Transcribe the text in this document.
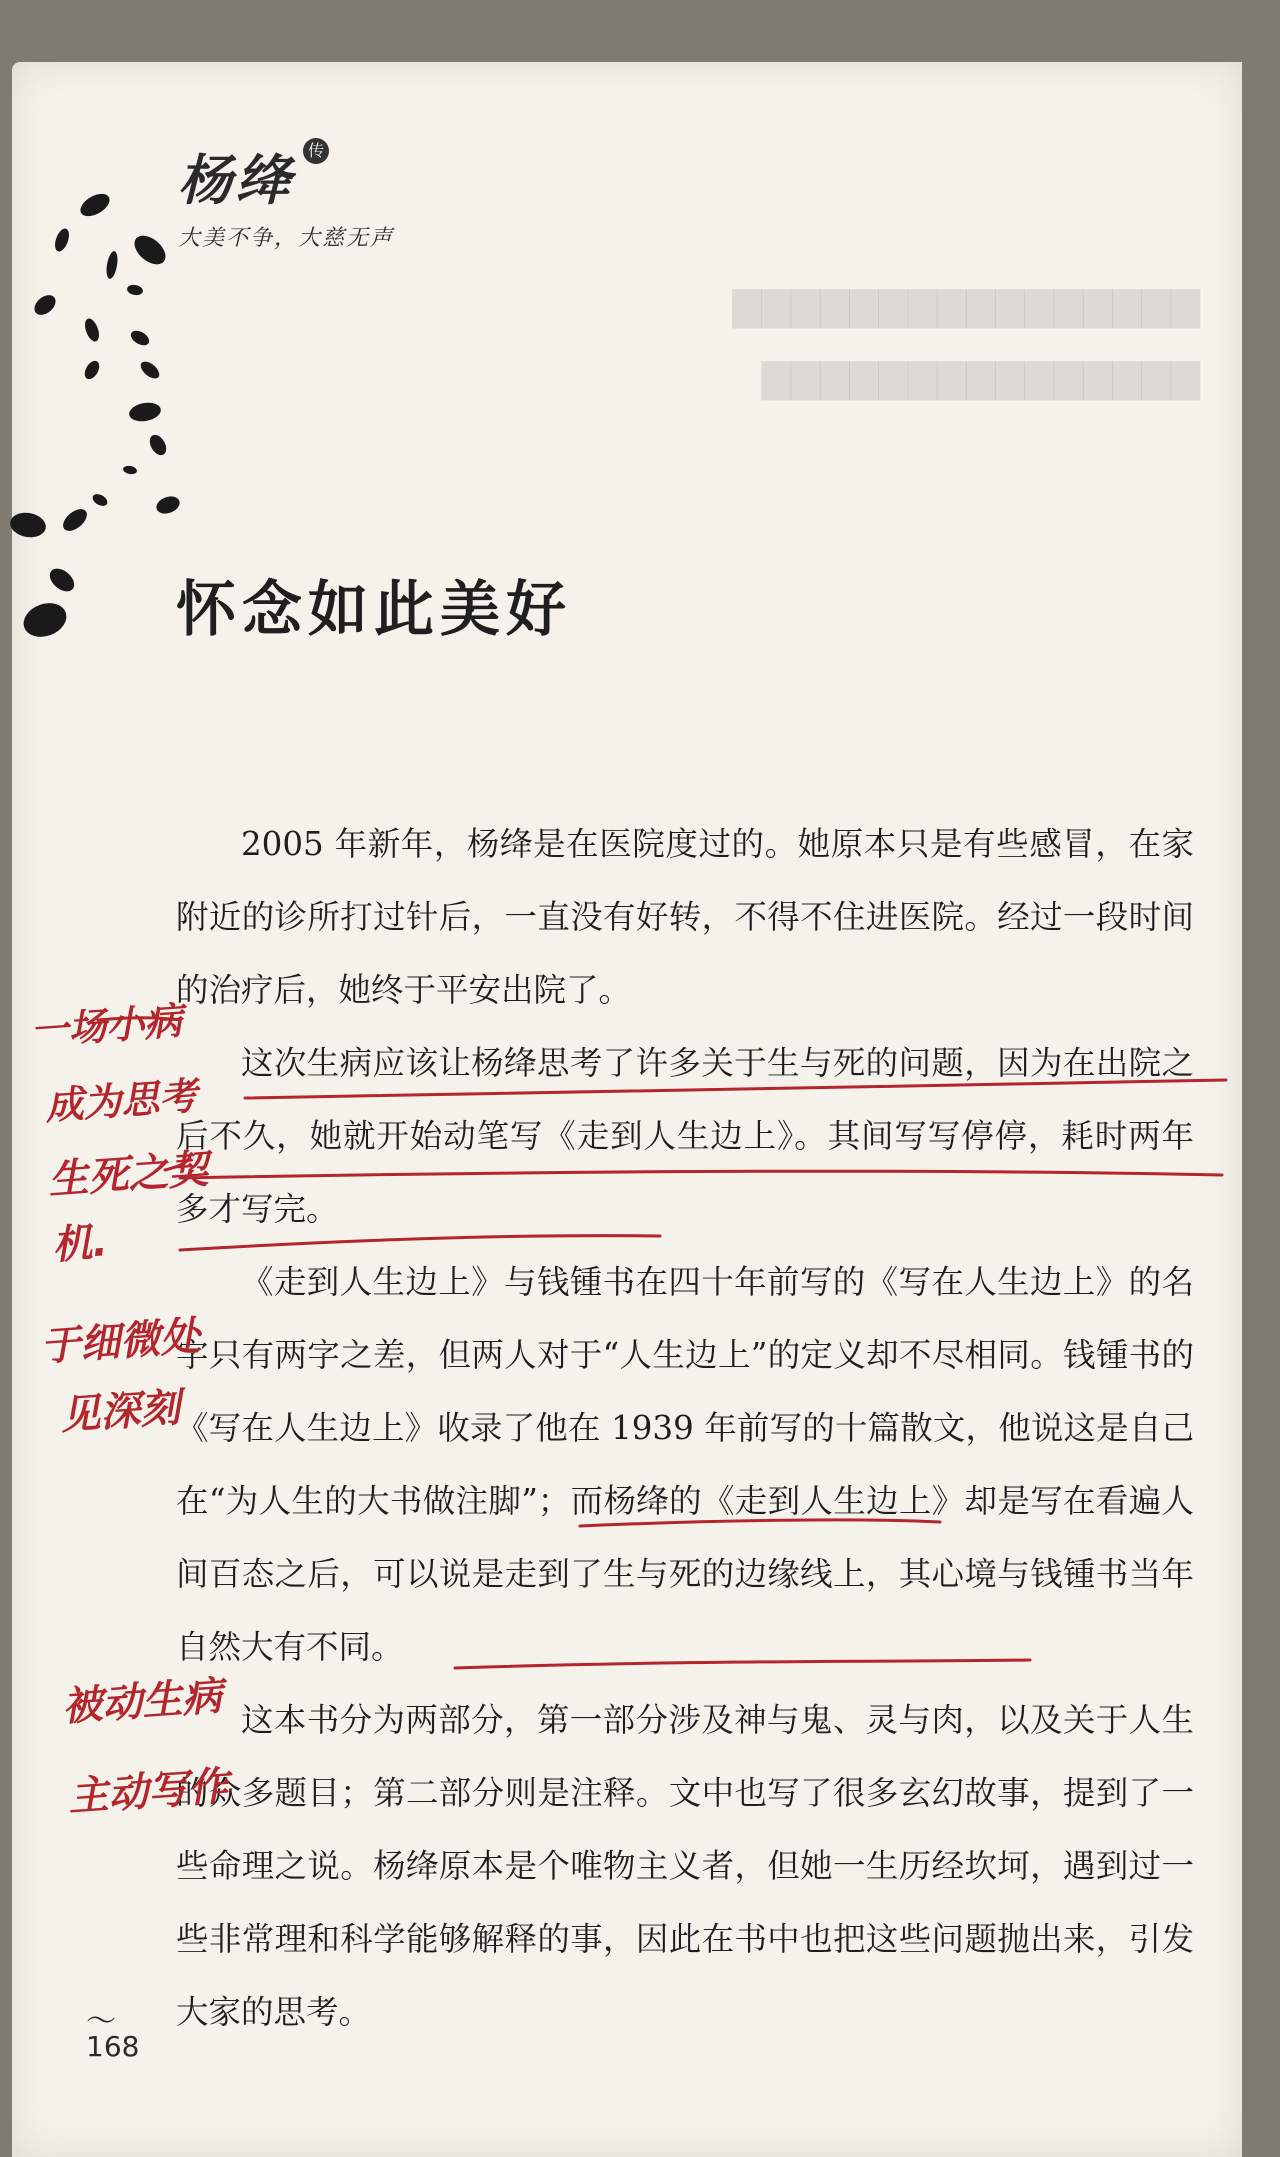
▇▇▇▇▇▇▇▇▇▇▇▇▇▇▇▇
▇▇▇▇▇▇▇▇▇▇▇▇▇▇▇
杨绛 传
大美不争，大慈无声
怀念如此美好

2005 年新年，杨绛是在医院度过的。她原本只是有些感冒，在家附近的诊所打过针后，一直没有好转，不得不住进医院。经过一段时间的治疗后，她终于平安出院了。

这次生病应该让杨绛思考了许多关于生与死的问题，因为在出院之后不久，她就开始动笔写《走到人生边上》。其间写写停停，耗时两年多才写完。

《走到人生边上》与钱锺书在四十年前写的《写在人生边上》的名字只有两字之差，但两人对于“人生边上”的定义却不尽相同。钱锺书的《写在人生边上》收录了他在 1939 年前写的十篇散文，他说这是自己在“为人生的大书做注脚”；而杨绛的《走到人生边上》却是写在看遍人间百态之后，可以说是走到了生与死的边缘线上，其心境与钱锺书当年自然大有不同。

这本书分为两部分，第一部分涉及神与鬼、灵与肉，以及关于人生的众多题目；第二部分则是注释。文中也写了很多玄幻故事，提到了一些命理之说。杨绛原本是个唯物主义者，但她一生历经坎坷，遇到过一些非常理和科学能够解释的事，因此在书中也把这些问题抛出来，引发大家的思考。

一场小病
成为思考
生死之契
机.
于细微处
见深刻
被动生病
主动写作
～
168
